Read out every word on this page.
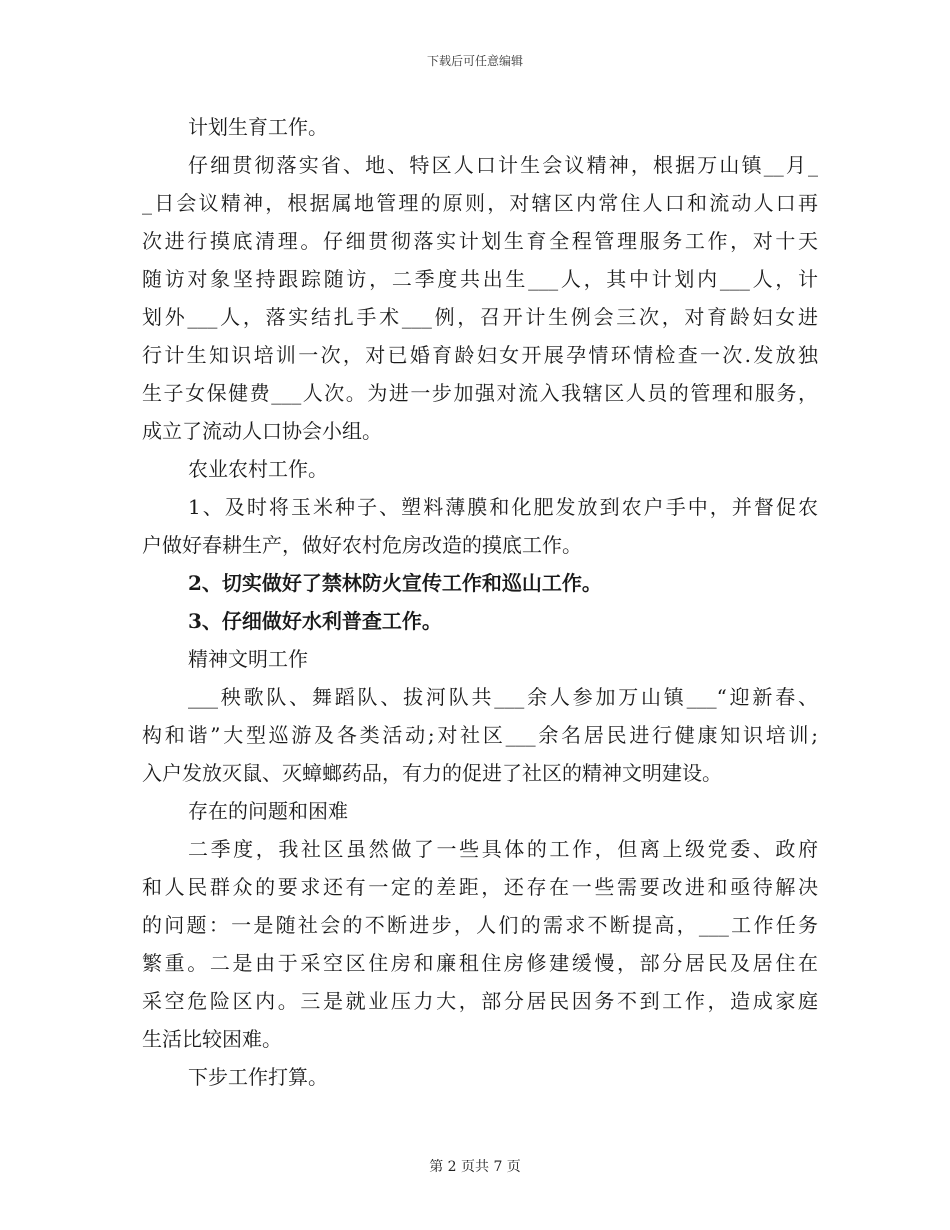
下载后可任意编辑
计划生育工作。
仔细贯彻落实省、地、特区人口计生会议精神，根据万山镇__月_
_日会议精神，根据属地管理的原则，对辖区内常住人口和流动人口再
次进行摸底清理。仔细贯彻落实计划生育全程管理服务工作，对十天
随访对象坚持跟踪随访，二季度共出生___人，其中计划内___人，计
划外___人，落实结扎手术___例，召开计生例会三次，对育龄妇女进
行计生知识培训一次，对已婚育龄妇女开展孕情环情检查一次.发放独
生子女保健费___人次。为进一步加强对流入我辖区人员的管理和服务，
成立了流动人口协会小组。
农业农村工作。
1、及时将玉米种子、塑料薄膜和化肥发放到农户手中，并督促农
户做好春耕生产，做好农村危房改造的摸底工作。
2、切实做好了禁林防火宣传工作和巡山工作。
3、仔细做好水利普查工作。
精神文明工作
___秧歌队、舞蹈队、拔河队共___余人参加万山镇___“迎新春、
构和谐”大型巡游及各类活动;对社区___余名居民进行健康知识培训;
入户发放灭鼠、灭蟑螂药品，有力的促进了社区的精神文明建设。
存在的问题和困难
二季度，我社区虽然做了一些具体的工作，但离上级党委、政府
和人民群众的要求还有一定的差距，还存在一些需要改进和亟待解决
的问题：一是随社会的不断进步，人们的需求不断提高，___工作任务
繁重。二是由于采空区住房和廉租住房修建缓慢，部分居民及居住在
采空危险区内。三是就业压力大，部分居民因务不到工作，造成家庭
生活比较困难。
下步工作打算。
第 2 页共 7 页
